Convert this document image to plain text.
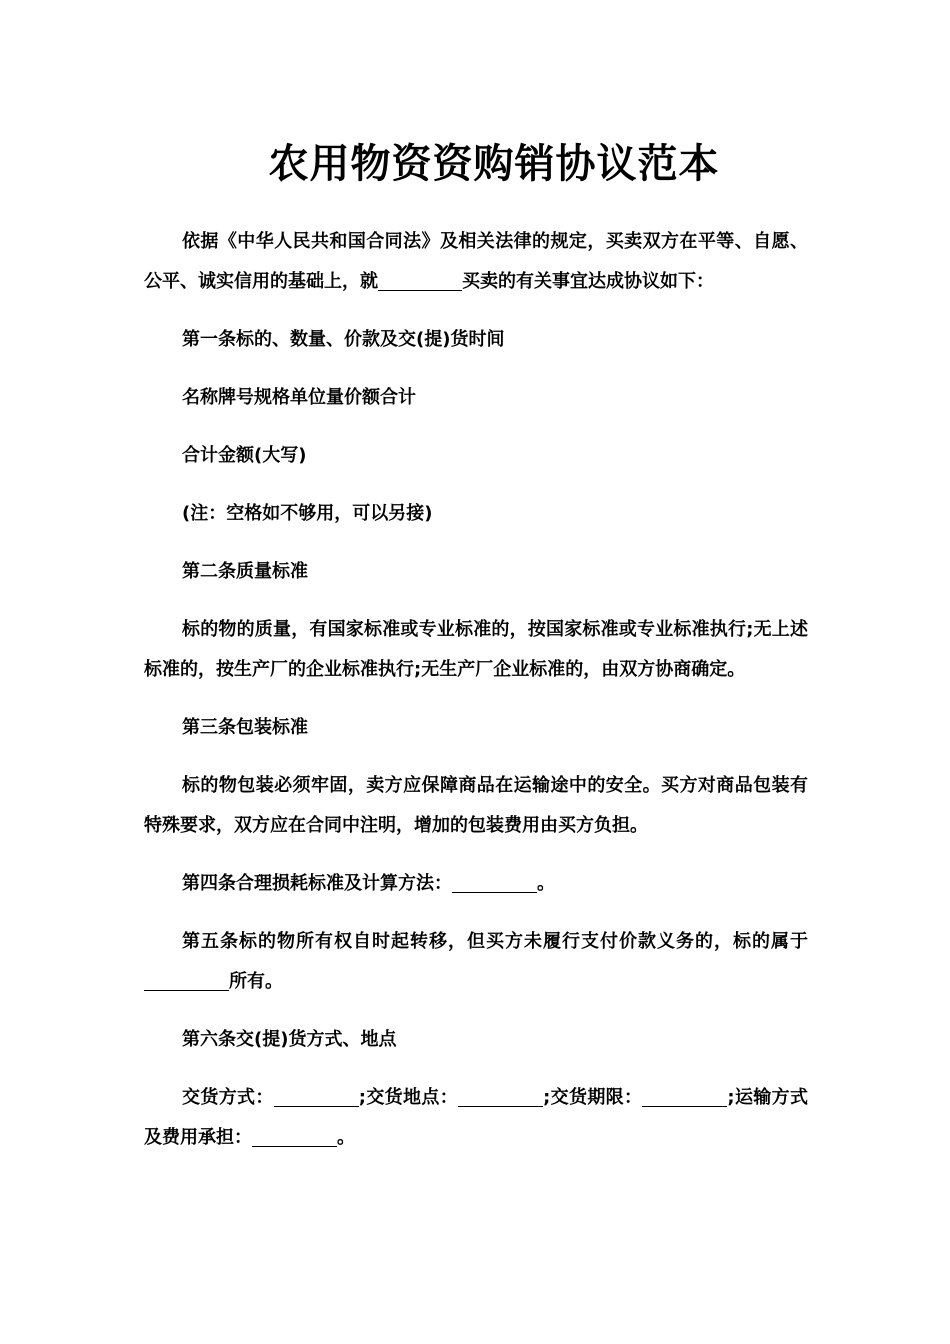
农用物资资购销协议范本

依据《中华人民共和国合同法》及相关法律的规定，买卖双方在平等、自愿、公平、诚实信用的基础上，就	买卖的有关事宜达成协议如下：

第一条标的、数量、价款及交(提)货时间

名称牌号规格单位量价额合计

合计金额(大写)

(注：空格如不够用，可以另接)

第二条质量标准

标的物的质量，有国家标准或专业标准的，按国家标准或专业标准执行;无上述标准的，按生产厂的企业标准执行;无生产厂企业标准的，由双方协商确定。

第三条包装标准

标的物包装必须牢固，卖方应保障商品在运输途中的安全。买方对商品包装有特殊要求，双方应在合同中注明，增加的包装费用由买方负担。

第四条合理损耗标准及计算方法：	。

第五条标的物所有权自时起转移，但买方未履行支付价款义务的，标的属于所有。

第六条交(提)货方式、地点

交货方式：	;交货地点：	;交货期限：	;运输方式及费用承担：	。
